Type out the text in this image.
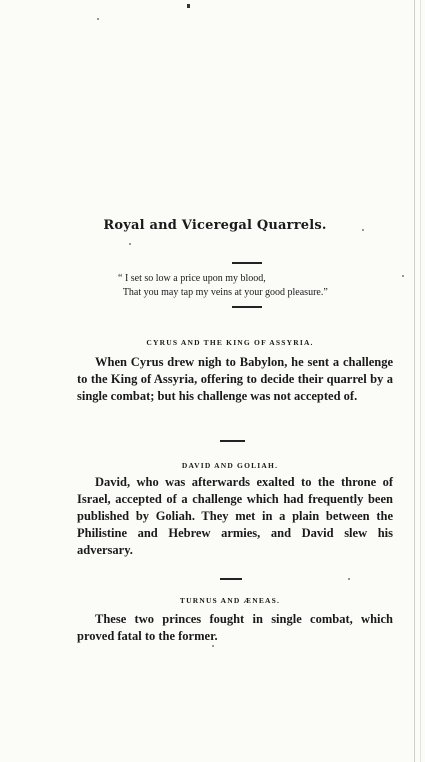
Royal and Viceregal Quarrels.
“ I set so low a price upon my blood,
That you may tap my veins at your good pleasure.”
CYRUS AND THE KING OF ASSYRIA.
When Cyrus drew nigh to Babylon, he sent a challenge to the King of Assyria, offering to decide their quarrel by a single combat; but his challenge was not accepted of.
DAVID AND GOLIAH.
David, who was afterwards exalted to the throne of Israel, accepted of a challenge which had frequently been published by Goliah. They met in a plain between the Philistine and Hebrew armies, and David slew his adversary.
TURNUS AND ÆNEAS.
These two princes fought in single combat, which proved fatal to the former.
